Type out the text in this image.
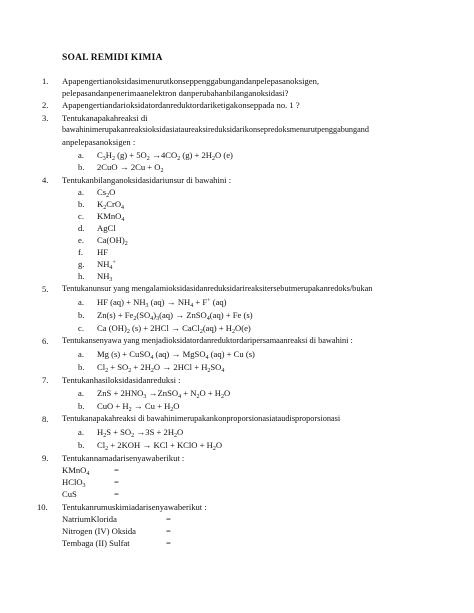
SOAL REMIDI KIMIA
1. Apapengertianoksidasimenurutkonseppenggabungandanpelepasanoksigen,
pelepasandanpenerimaanelektron danperubahanbilanganoksidasi?
2. Apapengertiandarioksidatordanreduktordariketigakonseppada no. 1 ?
3. Tentukanapakahreaksi di
bawahinimerupakanreaksioksidasiataureaksireduksidarikonsepredoksmenurutpenggabungand
anpelepasanoksigen :
a. $C_3H_2$ $(g) + 5O_2 \to 4CO_2$ $(g) + 2H_2O$ (e)
b. $2CuO \to 2Cu + O_2$
4. Tentukanbilanganoksidasidariunsur di bawahini :
a. $Cs_2O$
b. $K_2CrO_4$
c. KMnO$_4$
d. AgCl
e. $Ca(OH)_2$
f. HF
g. $NH_4^+$
h. $NH_3$
5. Tentukanunsur yang mengalamioksidasidanreduksidarireaksitersebutmerupakanredoks/bukan
a. HF $(aq) + NH_3$ $(aq) \to NH_4 + F^+$ (aq)
b. $Zn(s) + Fe_2(SO_4)_3(aq)$ → ZnSO$_4$(aq) + Fe (s)
c. Ca $(OH)_2$ (s) + 2HCl → CaCl$_2$(aq) + $H_2O(e)$
6. Tentukansenyawa yang menjadioksidatordanreduktordaripersamaanreaksi di bawahini :
a. Mg (s) + CuSO$_4$ (aq) → MgSO$_4$ (aq) + Cu (s)
b. $Cl_2 + SO_2 + 2H_2O \to 2HCl + H_2SO_4$
7. Tentukanhasiloksidasidanreduksi :
a. ZnS + $2HNO_3$ →ZnSO$_4$ + $N_2O + H_2O$
b. CuO + $H_2 \to Cu + H_2O$
8. Tentukanapakahreaksi di bawahinimerupakankonproporsionasiataudisproporsionasi
a. $H_2S + SO_2 \to 3S + 2H_2O$
b. $Cl_2 + 2KOH$ → KCl + KClO + $H_2O$
9. Tentukannamadarisenyawaberikut :
KMnO$_4$	=
HClO$_3$	=
CuS	=
10. Tentukanrumuskimiadarisenyawaberikut :
NatriumKlorida	=
Nitrogen (IV) Oksida	=
Tembaga (II) Sulfat	=
